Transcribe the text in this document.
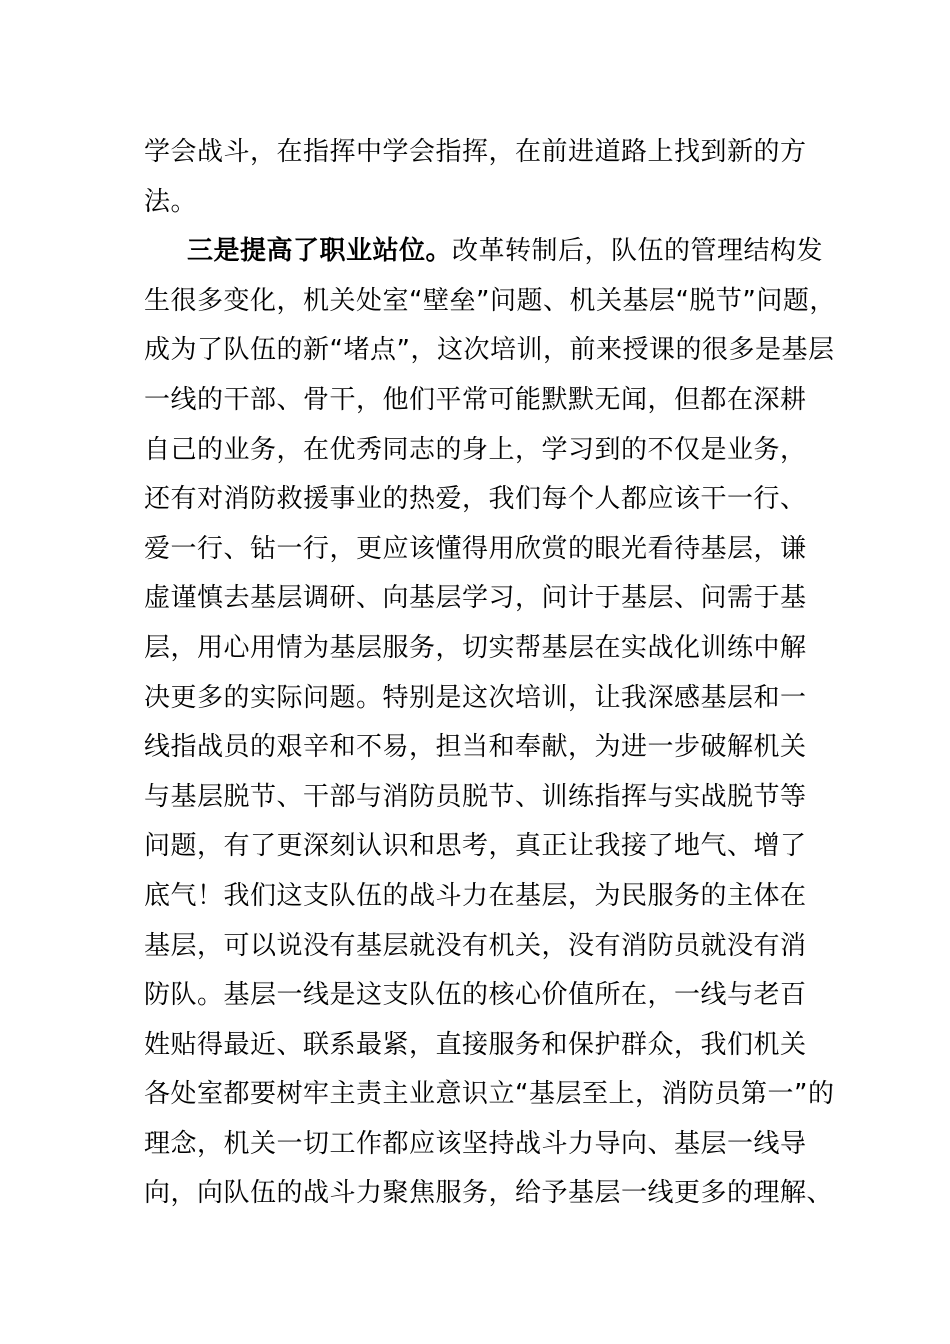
学会战斗，在指挥中学会指挥，在前进道路上找到新的方
法。
三是提高了职业站位。改革转制后，队伍的管理结构发
生很多变化，机关处室“壁垒”问题、机关基层“脱节”问题，
成为了队伍的新“堵点”，这次培训，前来授课的很多是基层
一线的干部、骨干，他们平常可能默默无闻，但都在深耕
自己的业务，在优秀同志的身上，学习到的不仅是业务，
还有对消防救援事业的热爱，我们每个人都应该干一行、
爱一行、钻一行，更应该懂得用欣赏的眼光看待基层，谦
虚谨慎去基层调研、向基层学习，问计于基层、问需于基
层，用心用情为基层服务，切实帮基层在实战化训练中解
决更多的实际问题。特别是这次培训，让我深感基层和一
线指战员的艰辛和不易，担当和奉献，为进一步破解机关
与基层脱节、干部与消防员脱节、训练指挥与实战脱节等
问题，有了更深刻认识和思考，真正让我接了地气、增了
底气！我们这支队伍的战斗力在基层，为民服务的主体在
基层，可以说没有基层就没有机关，没有消防员就没有消
防队。基层一线是这支队伍的核心价值所在，一线与老百
姓贴得最近、联系最紧，直接服务和保护群众，我们机关
各处室都要树牢主责主业意识立“基层至上，消防员第一”的
理念，机关一切工作都应该坚持战斗力导向、基层一线导
向，向队伍的战斗力聚焦服务，给予基层一线更多的理解、
